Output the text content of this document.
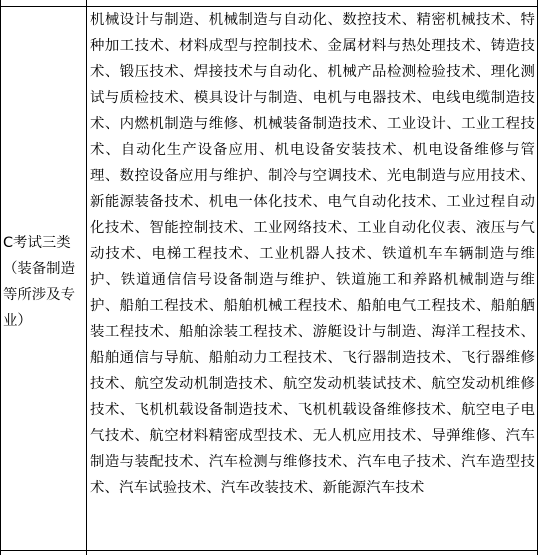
C考试三类（装备制造等所涉及专业）	机械设计与制造、机械制造与自动化、数控技术、精密机械技术、特种加工技术、材料成型与控制技术、金属材料与热处理技术、铸造技术、锻压技术、焊接技术与自动化、机械产品检测检验技术、理化测试与质检技术、模具设计与制造、电机与电器技术、电线电缆制造技术、内燃机制造与维修、机械装备制造技术、工业设计、工业工程技术、自动化生产设备应用、机电设备安装技术、机电设备维修与管理、数控设备应用与维护、制冷与空调技术、光电制造与应用技术、新能源装备技术、机电一体化技术、电气自动化技术、工业过程自动化技术、智能控制技术、工业网络技术、工业自动化仪表、液压与气动技术、电梯工程技术、工业机器人技术、铁道机车车辆制造与维护、铁道通信信号设备制造与维护、铁道施工和养路机械制造与维护、船舶工程技术、船舶机械工程技术、船舶电气工程技术、船舶舾装工程技术、船舶涂装工程技术、游艇设计与制造、海洋工程技术、船舶通信与导航、船舶动力工程技术、飞行器制造技术、飞行器维修技术、航空发动机制造技术、航空发动机装试技术、航空发动机维修技术、飞机机载设备制造技术、飞机机载设备维修技术、航空电子电气技术、航空材料精密成型技术、无人机应用技术、导弹维修、汽车制造与装配技术、汽车检测与维修技术、汽车电子技术、汽车造型技术、汽车试验技术、汽车改装技术、新能源汽车技术
